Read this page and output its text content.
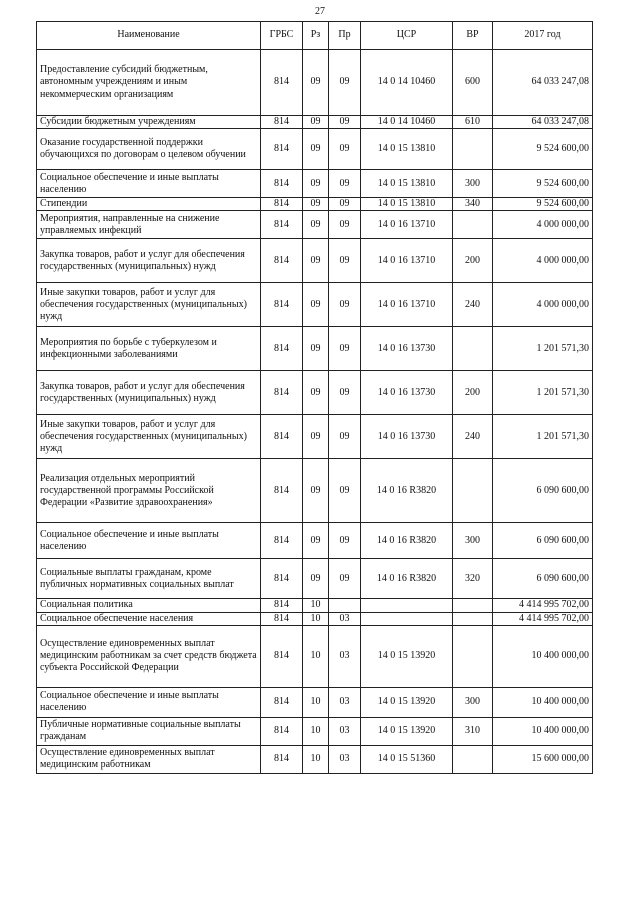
27
Наименование	ГРБС	Рз	Пр	ЦСР	ВР	2017 год
Предоставление субсидий бюджетным, автономным учреждениям и иным некоммерческим организациям	814	09	09	14 0 14 10460	600	64 033 247,08
Субсидии бюджетным учреждениям	814	09	09	14 0 14 10460	610	64 033 247,08
Оказание государственной поддержки обучающихся по договорам о целевом обучении	814	09	09	14 0 15 13810		9 524 600,00
Социальное обеспечение и иные выплаты населению	814	09	09	14 0 15 13810	300	9 524 600,00
Стипендии	814	09	09	14 0 15 13810	340	9 524 600,00
Мероприятия, направленные на снижение управляемых инфекций	814	09	09	14 0 16 13710		4 000 000,00
Закупка товаров, работ и услуг для обеспечения государственных (муниципальных) нужд	814	09	09	14 0 16 13710	200	4 000 000,00
Иные закупки товаров, работ и услуг для обеспечения государственных (муниципальных) нужд	814	09	09	14 0 16 13710	240	4 000 000,00
Мероприятия по борьбе с туберкулезом и инфекционными заболеваниями	814	09	09	14 0 16 13730		1 201 571,30
Закупка товаров, работ и услуг для обеспечения государственных (муниципальных) нужд	814	09	09	14 0 16 13730	200	1 201 571,30
Иные закупки товаров, работ и услуг для обеспечения государственных (муниципальных) нужд	814	09	09	14 0 16 13730	240	1 201 571,30
Реализация отдельных мероприятий государственной программы Российской Федерации «Развитие здравоохранения»	814	09	09	14 0 16 R3820		6 090 600,00
Социальное обеспечение и иные выплаты населению	814	09	09	14 0 16 R3820	300	6 090 600,00
Социальные выплаты гражданам, кроме публичных нормативных социальных выплат	814	09	09	14 0 16 R3820	320	6 090 600,00
Социальная политика	814	10				4 414 995 702,00
Социальное обеспечение населения	814	10	03			4 414 995 702,00
Осуществление единовременных выплат медицинским работникам за счет средств бюджета субъекта Российской Федерации	814	10	03	14 0 15 13920		10 400 000,00
Социальное обеспечение и иные выплаты населению	814	10	03	14 0 15 13920	300	10 400 000,00
Публичные нормативные социальные выплаты гражданам	814	10	03	14 0 15 13920	310	10 400 000,00
Осуществление единовременных выплат медицинским работникам	814	10	03	14 0 15 51360		15 600 000,00
